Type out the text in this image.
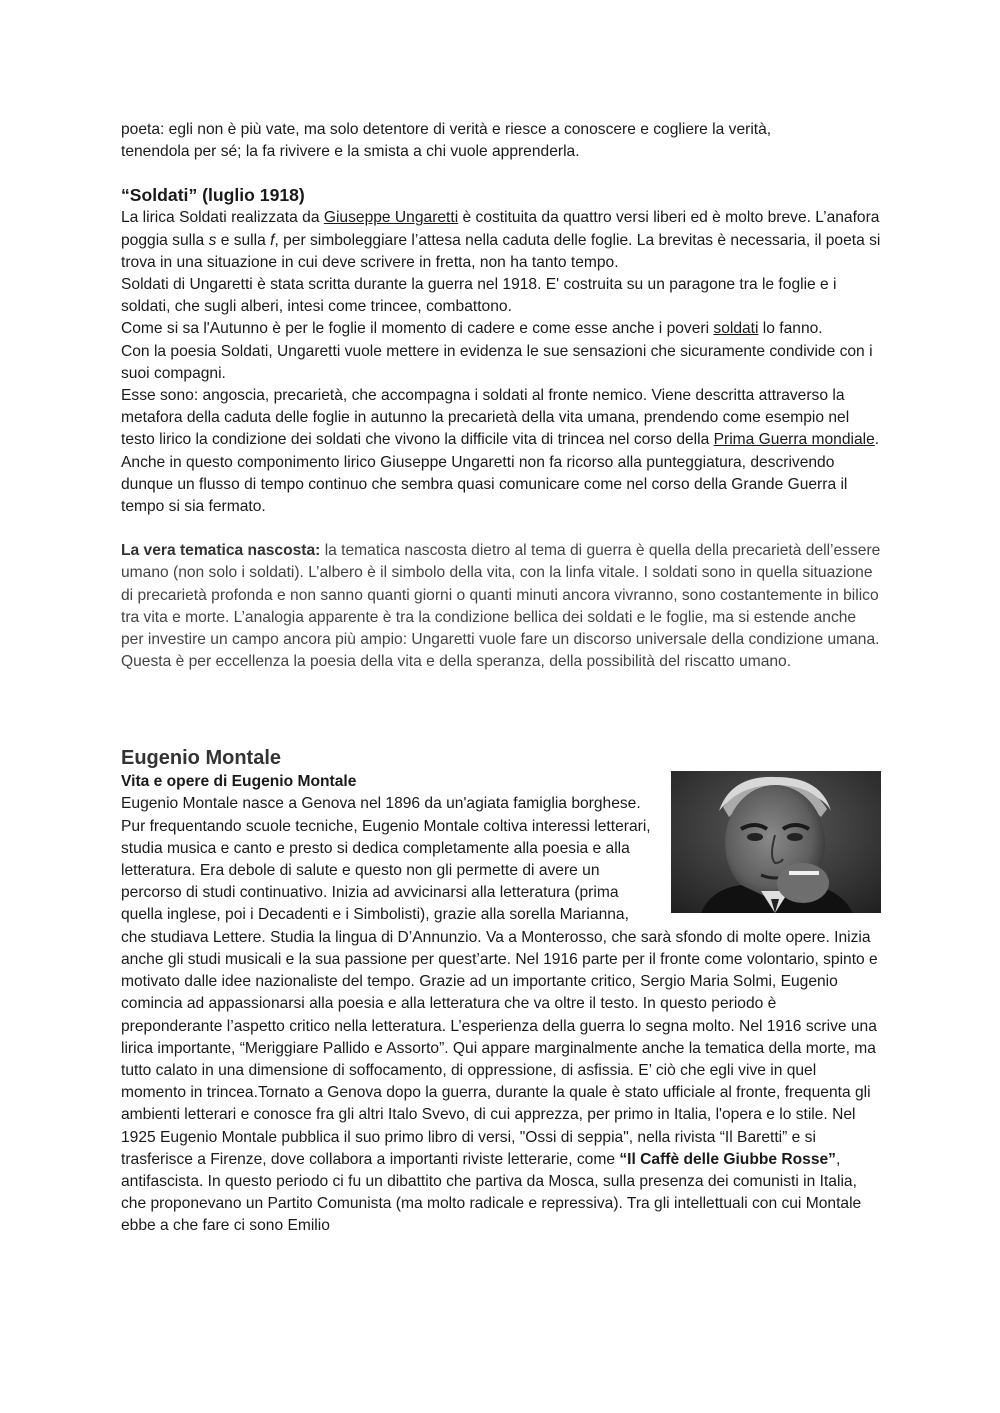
poeta: egli non è più vate, ma solo detentore di verità e riesce a conoscere e cogliere la verità,
tenendola per sé; la fa rivivere e la smista a chi vuole apprenderla.

“Soldati” (luglio 1918)

La lirica Soldati realizzata da Giuseppe Ungaretti è costituita da quattro versi liberi ed è molto breve. L’anafora poggia sulla s e sulla f, per simboleggiare l’attesa nella caduta delle foglie. La brevitas è necessaria, il poeta si trova in una situazione in cui deve scrivere in fretta, non ha tanto tempo.

Soldati di Ungaretti è stata scritta durante la guerra nel 1918. E' costruita su un paragone tra le foglie e i soldati, che sugli alberi, intesi come trincee, combattono.

Come si sa l'Autunno è per le foglie il momento di cadere e come esse anche i poveri soldati lo fanno.

Con la poesia Soldati, Ungaretti vuole mettere in evidenza le sue sensazioni che sicuramente condivide con i suoi compagni.

Esse sono: angoscia, precarietà, che accompagna i soldati al fronte nemico. Viene descritta attraverso la metafora della caduta delle foglie in autunno la precarietà della vita umana, prendendo come esempio nel testo lirico la condizione dei soldati che vivono la difficile vita di trincea nel corso della Prima Guerra mondiale. Anche in questo componimento lirico Giuseppe Ungaretti non fa ricorso alla punteggiatura, descrivendo dunque un flusso di tempo continuo che sembra quasi comunicare come nel corso della Grande Guerra il tempo si sia fermato.

La vera tematica nascosta: la tematica nascosta dietro al tema di guerra è quella della precarietà dell’essere umano (non solo i soldati). L’albero è il simbolo della vita, con la linfa vitale. I soldati sono in quella situazione di precarietà profonda e non sanno quanti giorni o quanti minuti ancora vivranno, sono costantemente in bilico tra vita e morte. L’analogia apparente è tra la condizione bellica dei soldati e le foglie, ma si estende anche per investire un campo ancora più ampio: Ungaretti vuole fare un discorso universale della condizione umana.

Questa è per eccellenza la poesia della vita e della speranza, della possibilità del riscatto umano.

Eugenio Montale

Vita e opere di Eugenio Montale

Eugenio Montale nasce a Genova nel 1896 da un'agiata famiglia borghese. Pur frequentando scuole tecniche, Eugenio Montale coltiva interessi letterari, studia musica e canto e presto si dedica completamente alla poesia e alla letteratura. Era debole di salute e questo non gli permette di avere un percorso di studi continuativo. Inizia ad avvicinarsi alla letteratura (prima quella inglese, poi i Decadenti e i Simbolisti), grazie alla sorella Marianna, che studiava Lettere. Studia la lingua di D’Annunzio. Va a Monterosso, che sarà sfondo di molte opere. Inizia anche gli studi musicali e la sua passione per quest’arte. Nel 1916 parte per il fronte come volontario, spinto e motivato dalle idee nazionaliste del tempo. Grazie ad un importante critico, Sergio Maria Solmi, Eugenio comincia ad appassionarsi alla poesia e alla letteratura che va oltre il testo. In questo periodo è preponderante l’aspetto critico nella letteratura. L’esperienza della guerra lo segna molto. Nel 1916 scrive una lirica importante, “Meriggiare Pallido e Assorto”. Qui appare marginalmente anche la tematica della morte, ma tutto calato in una dimensione di soffocamento, di oppressione, di asfissia. E’ ciò che egli vive in quel momento in trincea.Tornato a Genova dopo la guerra, durante la quale è stato ufficiale al fronte, frequenta gli ambienti letterari e conosce fra gli altri Italo Svevo, di cui apprezza, per primo in Italia, l'opera e lo stile. Nel 1925 Eugenio Montale pubblica il suo primo libro di versi, "Ossi di seppia", nella rivista “Il Baretti” e si trasferisce a Firenze, dove collabora a importanti riviste letterarie, come “Il Caffè delle Giubbe Rosse”, antifascista. In questo periodo ci fu un dibattito che partiva da Mosca, sulla presenza dei comunisti in Italia, che proponevano un Partito Comunista (ma molto radicale e repressiva). Tra gli intellettuali con cui Montale ebbe a che fare ci sono Emilio
